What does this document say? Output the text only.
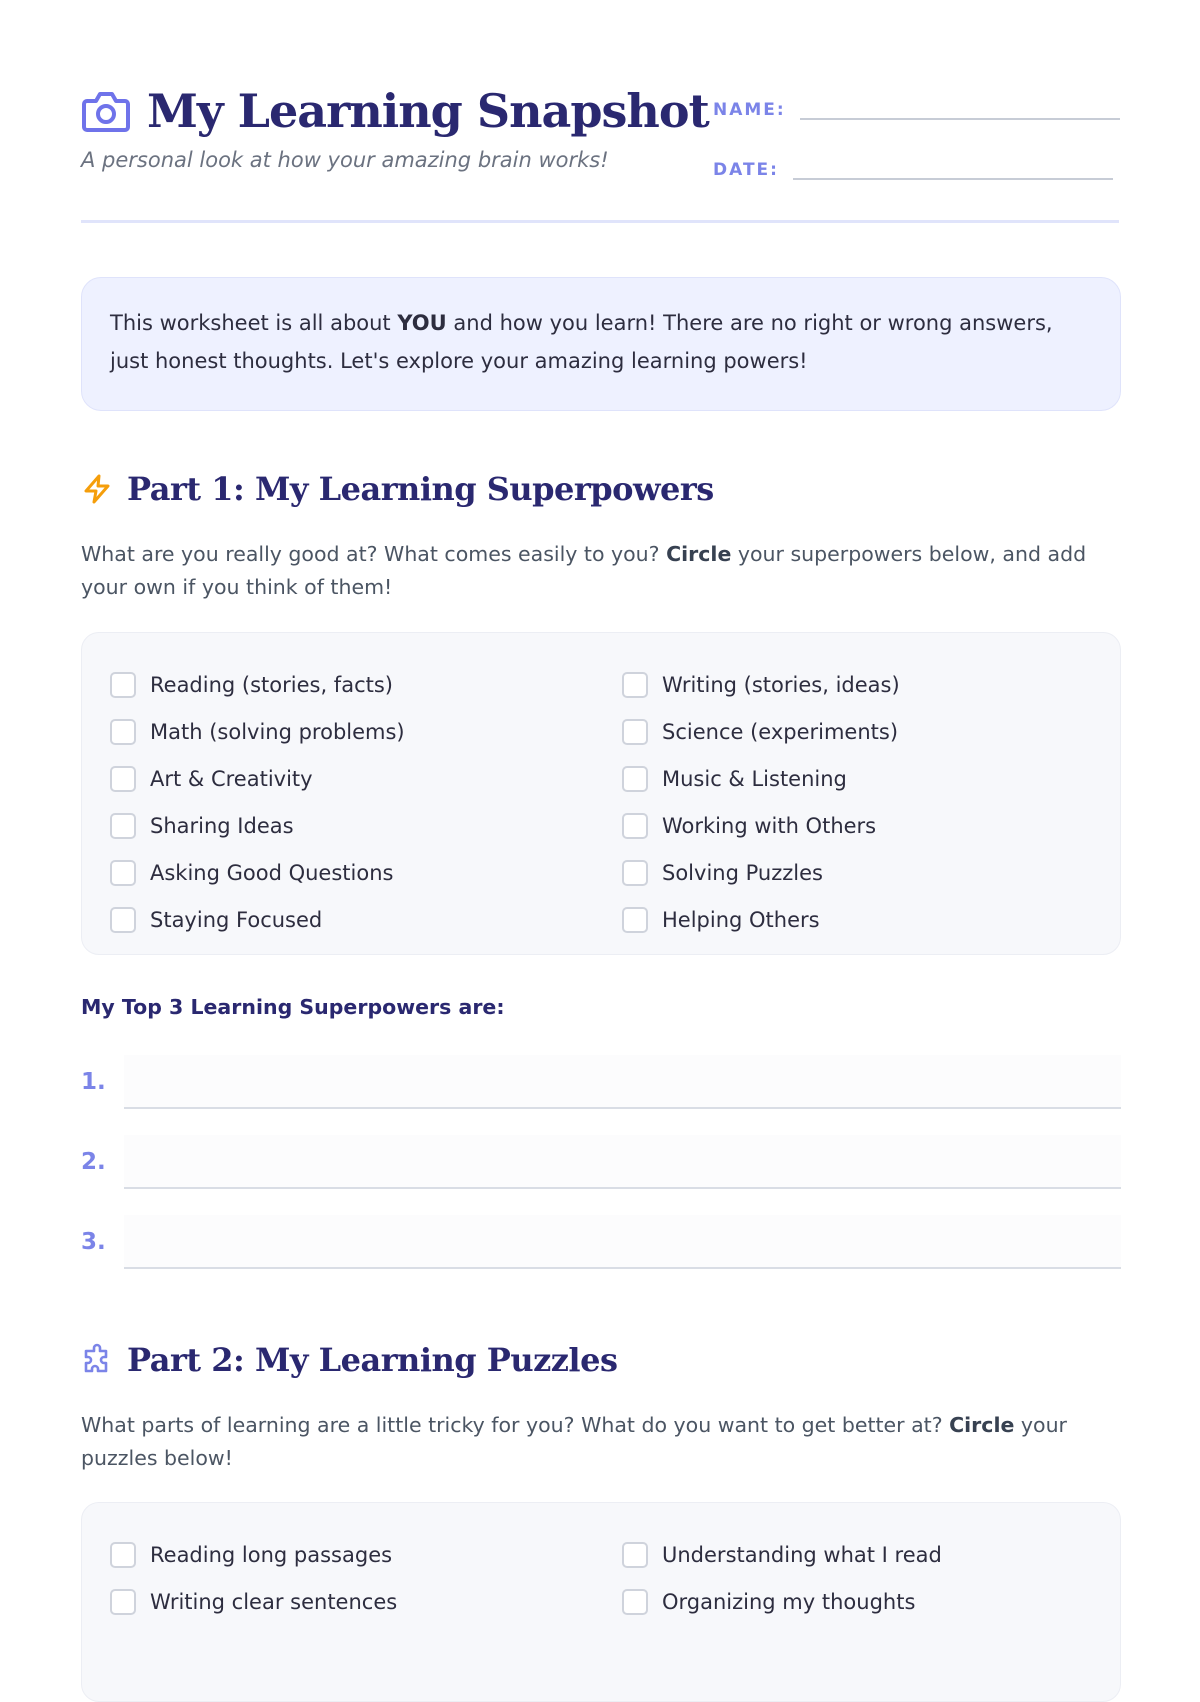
My Learning Snapshot
A personal look at how your amazing brain works!
NAME:
DATE:
This worksheet is all about YOU and how you learn! There are no right or wrong answers, just honest thoughts. Let's explore your amazing learning powers!
Part 1: My Learning Superpowers

What are you really good at? What comes easily to you? Circle your superpowers below, and add your own if you think of them!

Reading (stories, facts)	Writing (stories, ideas)
Math (solving problems)	Science (experiments)
Art & Creativity	Music & Listening
Sharing Ideas	Working with Others
Asking Good Questions	Solving Puzzles
Staying Focused	Helping Others
My Top 3 Learning Superpowers are:
1.
2.
3.
Part 2: My Learning Puzzles

What parts of learning are a little tricky for you? What do you want to get better at? Circle your puzzles below!

Reading long passages	Understanding what I read
Writing clear sentences	Organizing my thoughts
